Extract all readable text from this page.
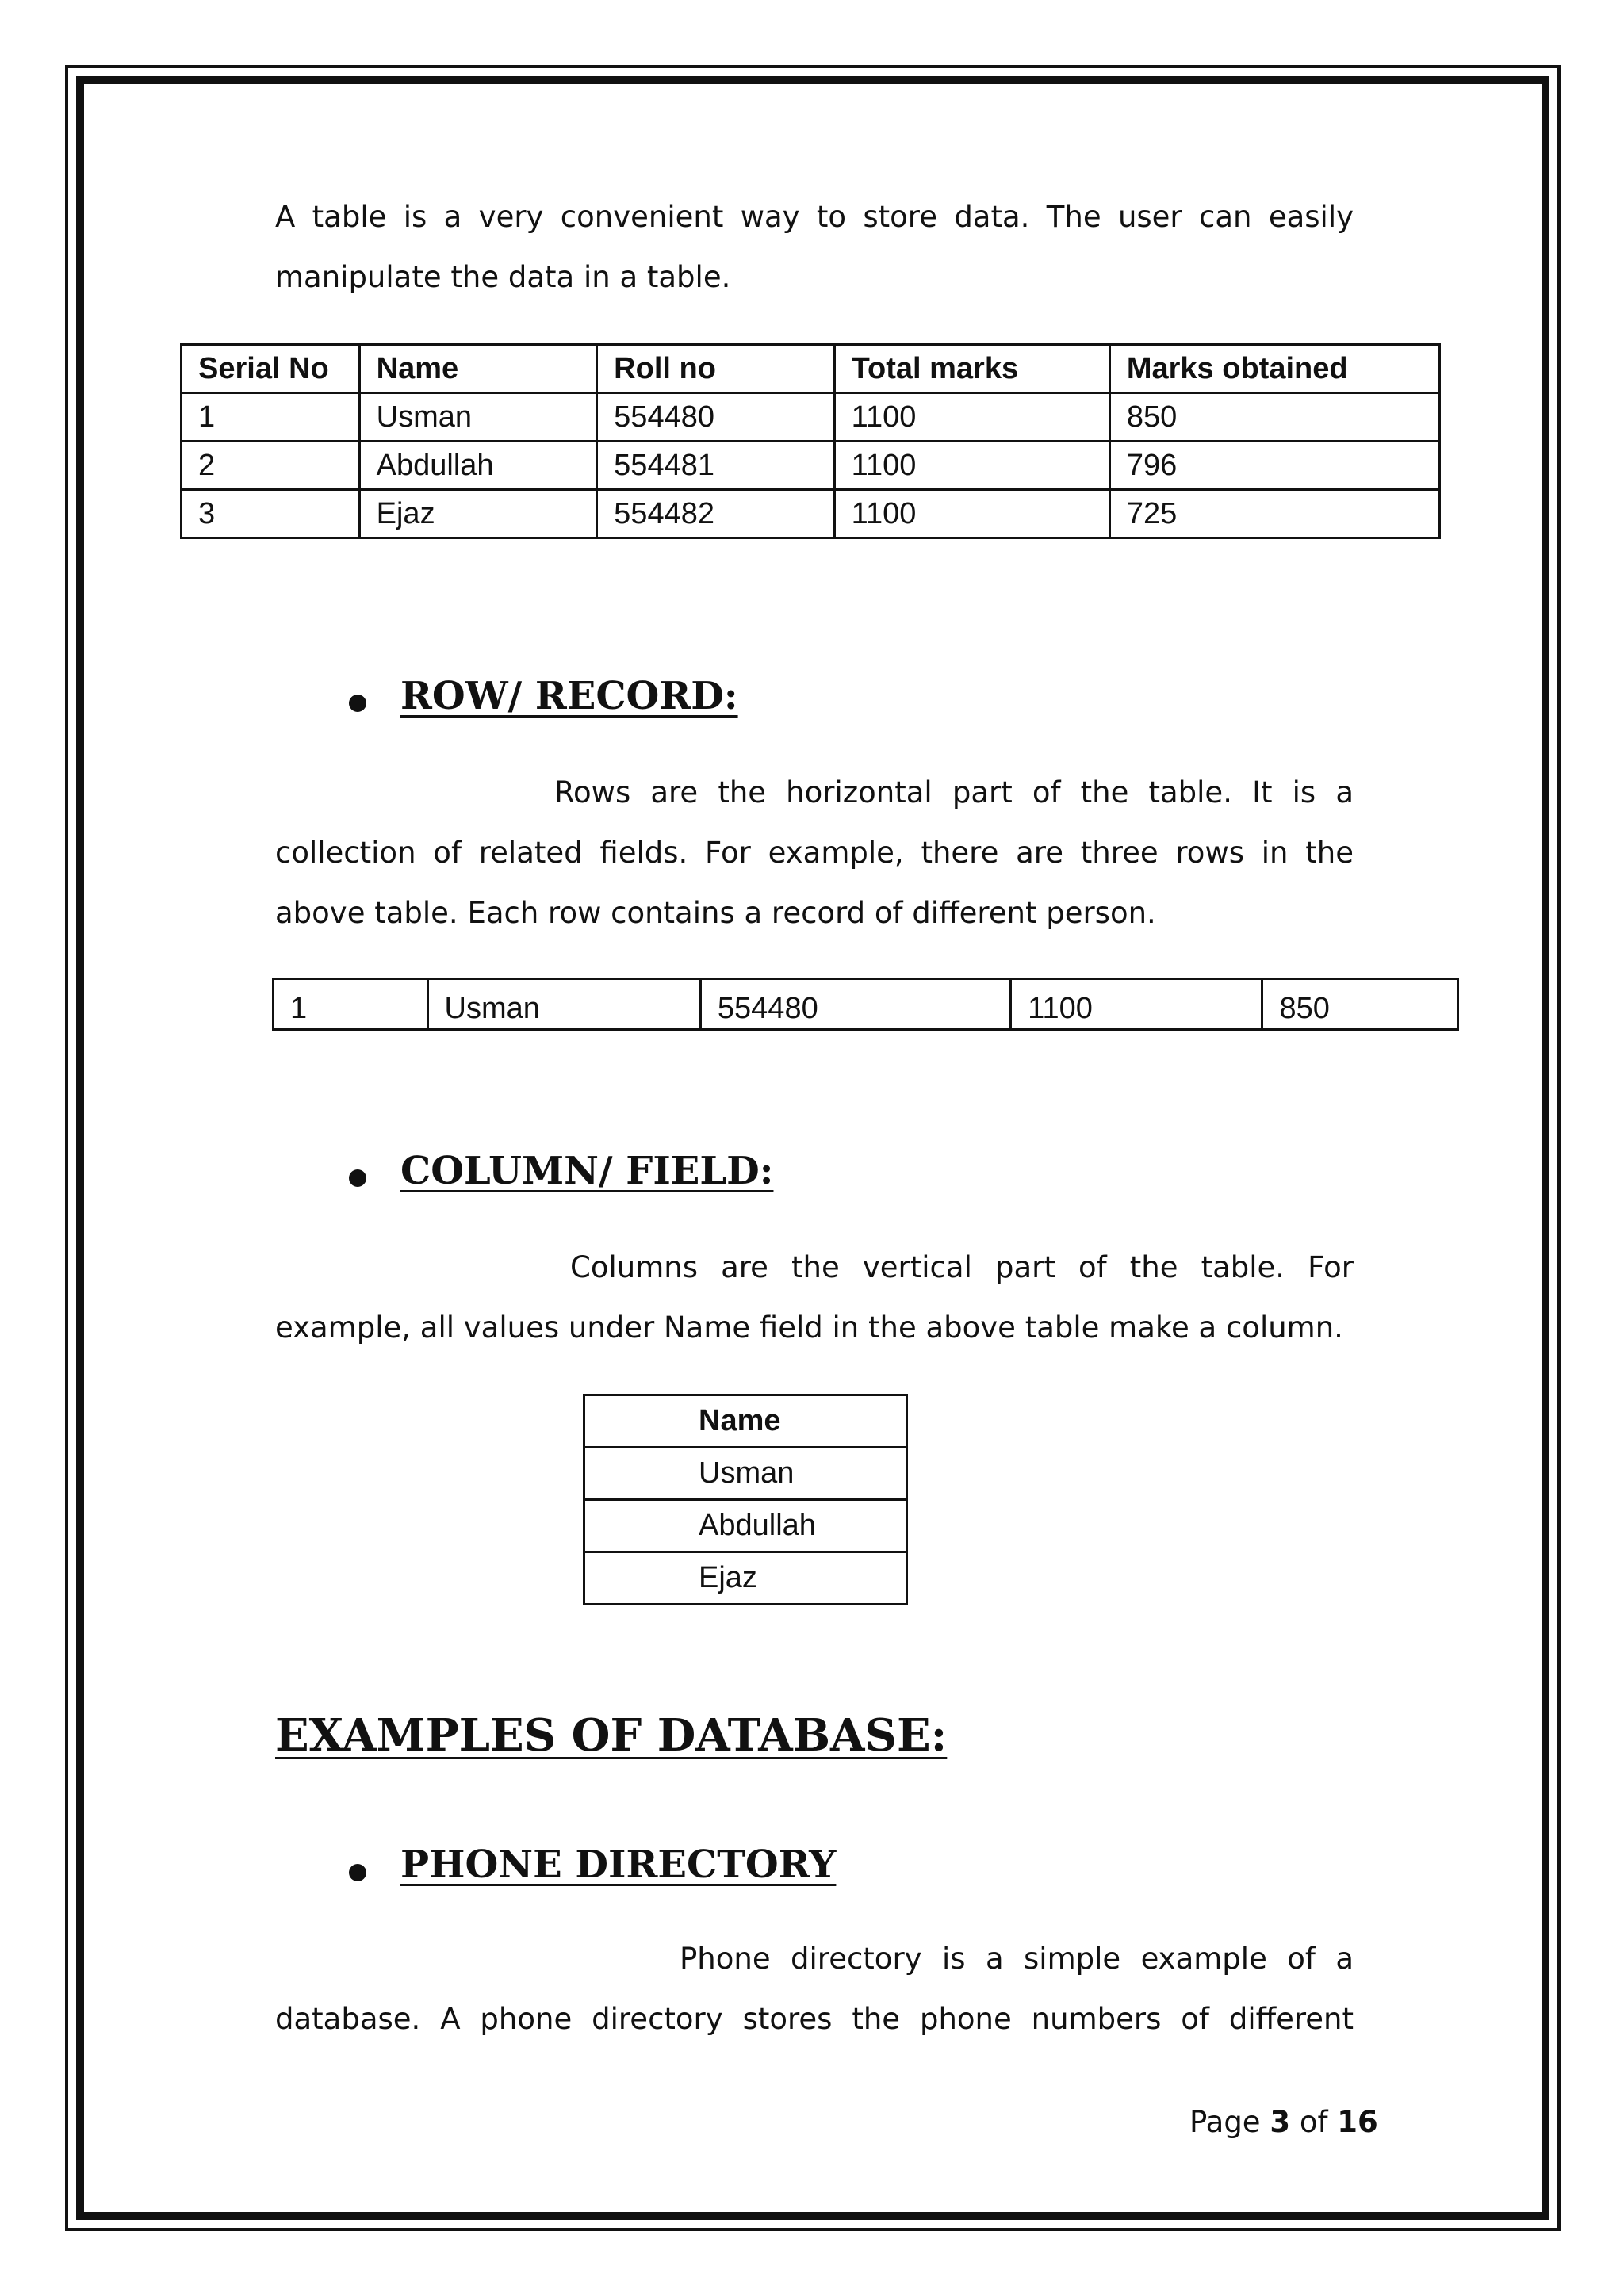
A table is a very convenient way to store data. The user can easily manipulate the data in a table.

Serial No	Name	Roll no	Total marks	Marks obtained
1	Usman	554480	1100	850
2	Abdullah	554481	1100	796
3	Ejaz	554482	1100	725
ROW/ RECORD:

Rows are the horizontal part of the table. It is a collection of related fields. For example, there are three rows in the above table. Each row contains a record of different person.

1	Usman	554480	1100	850
COLUMN/ FIELD:

Columns are the vertical part of the table. For example, all values under Name field in the above table make a column.

Name
Usman
Abdullah
Ejaz
EXAMPLES OF DATABASE:
PHONE DIRECTORY

Phone directory is a simple example of a database. A phone directory stores the phone numbers of different

Page 3 of 16
